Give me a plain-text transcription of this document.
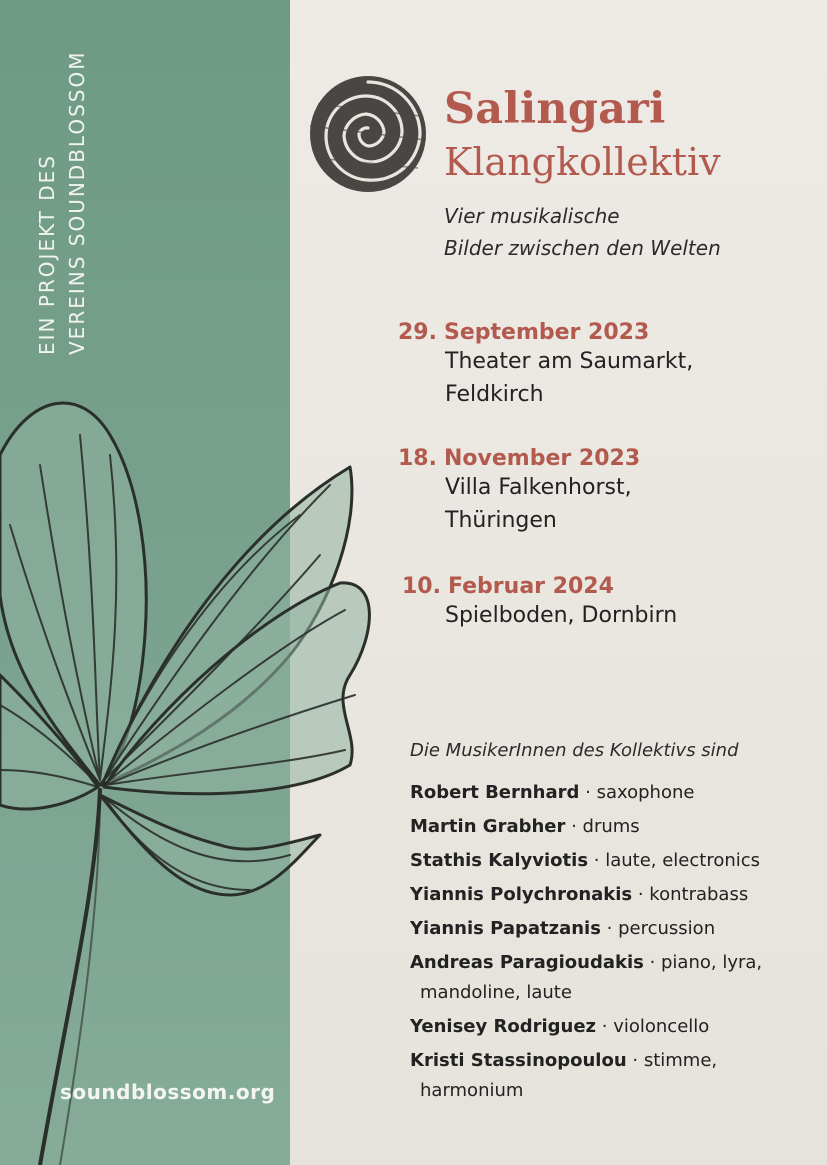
EIN PROJEKT DES VEREINS SOUNDBLOSSOM
soundblossom.org
Salingari
Klangkollektiv
Vier musikalische
Bilder zwischen den Welten
29. September 2023
Theater am Saumarkt,
Feldkirch
18. November 2023
Villa Falkenhorst,
Thüringen
10. Februar 2024
Spielboden, Dornbirn
Die MusikerInnen des Kollektivs sind
Robert Bernhard · saxophone
Martin Grabher · drums
Stathis Kalyviotis · laute, electronics
Yiannis Polychronakis · kontrabass
Yiannis Papatzanis · percussion
Andreas Paragioudakis · piano, lyra,
mandoline, laute
Yenisey Rodriguez · violoncello
Kristi Stassinopoulou · stimme,
harmonium
